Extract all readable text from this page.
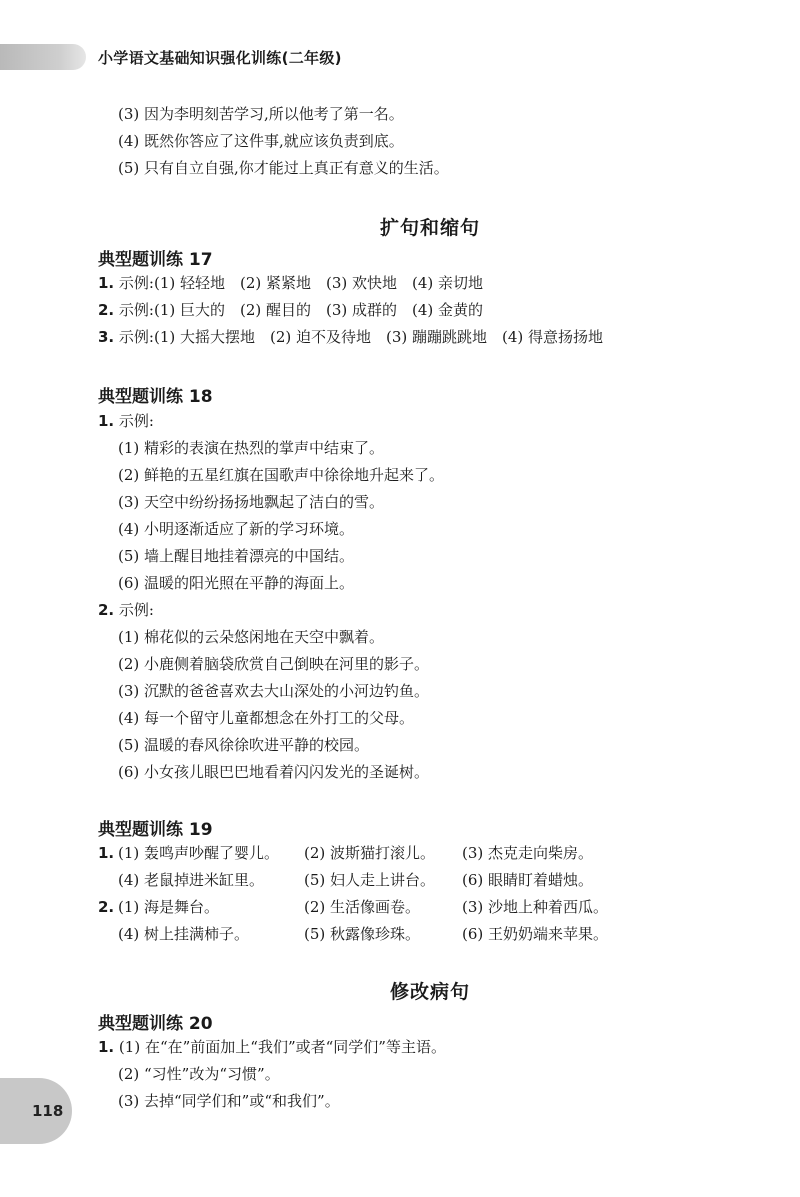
小学语文基础知识强化训练(二年级)
(3) 因为李明刻苦学习,所以他考了第一名。
(4) 既然你答应了这件事,就应该负责到底。
(5) 只有自立自强,你才能过上真正有意义的生活。
扩句和缩句
典型题训练 17
1. 示例:(1) 轻轻地　(2) 紧紧地　(3) 欢快地　(4) 亲切地
2. 示例:(1) 巨大的　(2) 醒目的　(3) 成群的　(4) 金黄的
3. 示例:(1) 大摇大摆地　(2) 迫不及待地　(3) 蹦蹦跳跳地　(4) 得意扬扬地
典型题训练 18
1. 示例:
(1) 精彩的表演在热烈的掌声中结束了。
(2) 鲜艳的五星红旗在国歌声中徐徐地升起来了。
(3) 天空中纷纷扬扬地飘起了洁白的雪。
(4) 小明逐渐适应了新的学习环境。
(5) 墙上醒目地挂着漂亮的中国结。
(6) 温暖的阳光照在平静的海面上。
2. 示例:
(1) 棉花似的云朵悠闲地在天空中飘着。
(2) 小鹿侧着脑袋欣赏自己倒映在河里的影子。
(3) 沉默的爸爸喜欢去大山深处的小河边钓鱼。
(4) 每一个留守儿童都想念在外打工的父母。
(5) 温暖的春风徐徐吹进平静的校园。
(6) 小女孩儿眼巴巴地看着闪闪发光的圣诞树。
典型题训练 19
1. (1) 轰鸣声吵醒了婴儿。 (2) 波斯猫打滚儿。 (3) 杰克走向柴房。
(4) 老鼠掉进米缸里。	(5) 妇人走上讲台。 (6) 眼睛盯着蜡烛。
2. (1) 海是舞台。	(2) 生活像画卷。	(3) 沙地上种着西瓜。
(4) 树上挂满柿子。	(5) 秋露像珍珠。	(6) 王奶奶端来苹果。
修改病句
典型题训练 20
1. (1) 在“在”前面加上“我们”或者“同学们”等主语。
(2) “习性”改为“习惯”。
(3) 去掉“同学们和”或“和我们”。
118
